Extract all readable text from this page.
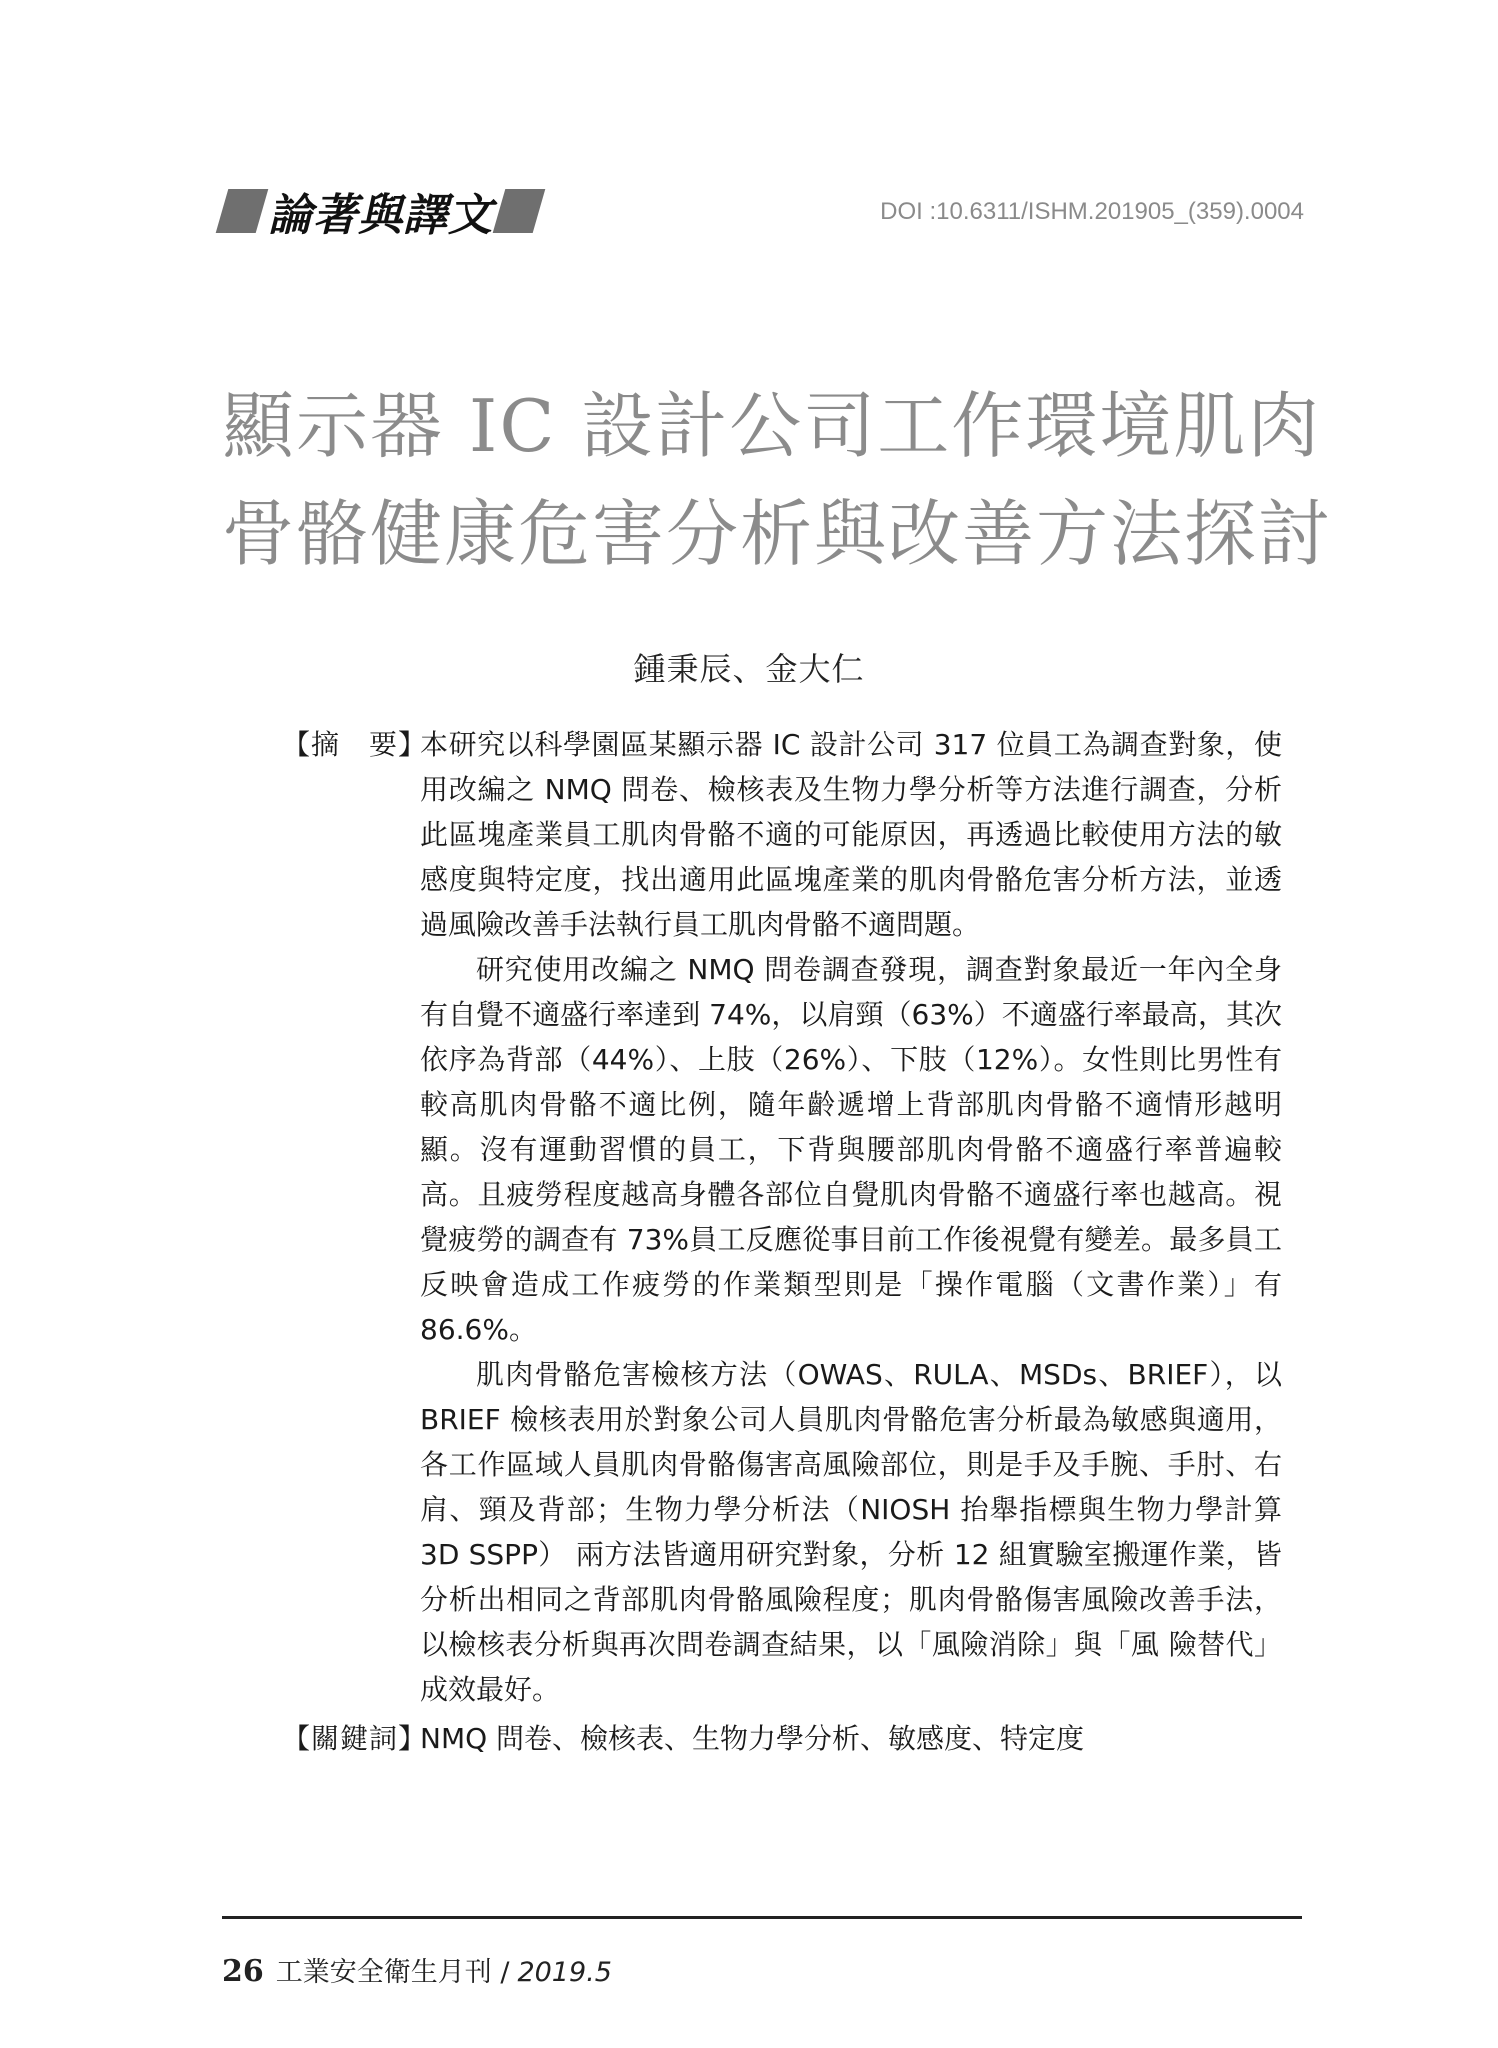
論著與譯文	DOI :10.6311/ISHM.201905_(359).0004
顯示器 IC 設計公司工作環境肌肉
骨骼健康危害分析與改善方法探討
鍾秉辰、金大仁
【摘　要】

本研究以科學園區某顯示器 IC 設計公司 317 位員工為調查對象，使用改編之 NMQ 問卷、檢核表及生物力學分析等方法進行調查，分析此區塊產業員工肌肉骨骼不適的可能原因，再透過比較使用方法的敏感度與特定度，找出適用此區塊產業的肌肉骨骼危害分析方法，並透過風險改善手法執行員工肌肉骨骼不適問題。

研究使用改編之 NMQ 問卷調查發現，調查對象最近一年內全身有自覺不適盛行率達到 74%，以肩頸（63%）不適盛行率最高，其次依序為背部（44%）、上肢（26%）、下肢（12%）。女性則比男性有較高肌肉骨骼不適比例，隨年齡遞增上背部肌肉骨骼不適情形越明顯。沒有運動習慣的員工，下背與腰部肌肉骨骼不適盛行率普遍較高。且疲勞程度越高身體各部位自覺肌肉骨骼不適盛行率也越高。視覺疲勞的調查有 73%員工反應從事目前工作後視覺有變差。最多員工反映會造成工作疲勞的作業類型則是「操作電腦（文書作業）」有 86.6%。

肌肉骨骼危害檢核方法（OWAS、RULA、MSDs、BRIEF），以 BRIEF 檢核表用於對象公司人員肌肉骨骼危害分析最為敏感與適用，各工作區域人員肌肉骨骼傷害高風險部位，則是手及手腕、手肘、右肩、頸及背部；生物力學分析法（NIOSH 抬舉指標與生物力學計算 3D SSPP） 兩方法皆適用研究對象，分析 12 組實驗室搬運作業，皆分析出相同之背部肌肉骨骼風險程度；肌肉骨骼傷害風險改善手法，以檢核表分析與再次問卷調查結果，以「風險消除」與「風 險替代」成效最好。

【關鍵詞】
NMQ 問卷、檢核表、生物力學分析、敏感度、特定度
26 工業安全衛生月刊 / 2019.5
